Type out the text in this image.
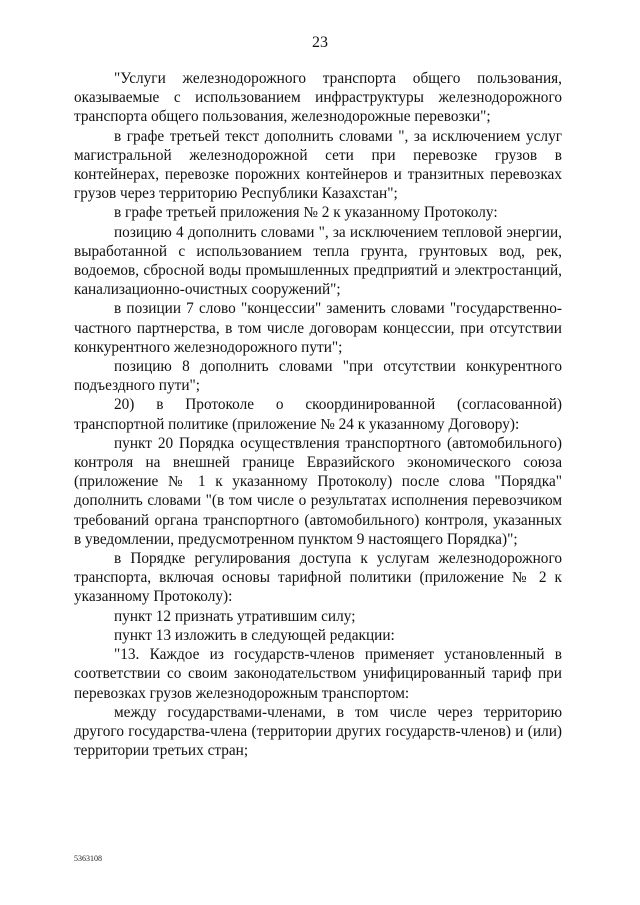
23

"Услуги железнодорожного транспорта общего пользования, оказываемые с использованием инфраструктуры железнодорожного транспорта общего пользования, железнодорожные перевозки";

в графе третьей текст дополнить словами ", за исключением услуг магистральной железнодорожной сети при перевозке грузов в контейнерах, перевозке порожних контейнеров и транзитных перевозках грузов через территорию Республики Казахстан";

в графе третьей приложения № 2 к указанному Протоколу:

позицию 4 дополнить словами ", за исключением тепловой энергии, выработанной с использованием тепла грунта, грунтовых вод, рек, водоемов, сбросной воды промышленных предприятий и электростанций, канализационно-очистных сооружений";

в позиции 7 слово "концессии" заменить словами "государственно-частного партнерства, в том числе договорам концессии, при отсутствии конкурентного железнодорожного пути";

позицию 8 дополнить словами "при отсутствии конкурентного подъездного пути";

20) в Протоколе о скоординированной (согласованной) транспортной политике (приложение № 24 к указанному Договору):

пункт 20 Порядка осуществления транспортного (автомобильного) контроля на внешней границе Евразийского экономического союза (приложение № 1 к указанному Протоколу) после слова "Порядка" дополнить словами "(в том числе о результатах исполнения перевозчиком требований органа транспортного (автомобильного) контроля, указанных в уведомлении, предусмотренном пунктом 9 настоящего Порядка)";

в Порядке регулирования доступа к услугам железнодорожного транспорта, включая основы тарифной политики (приложение № 2 к указанному Протоколу):

пункт 12 признать утратившим силу;

пункт 13 изложить в следующей редакции:

"13. Каждое из государств-членов применяет установленный в соответствии со своим законодательством унифицированный тариф при перевозках грузов железнодорожным транспортом:

между государствами-членами, в том числе через территорию другого государства-члена (территории других государств-членов) и (или) территории третьих стран;

5363108
